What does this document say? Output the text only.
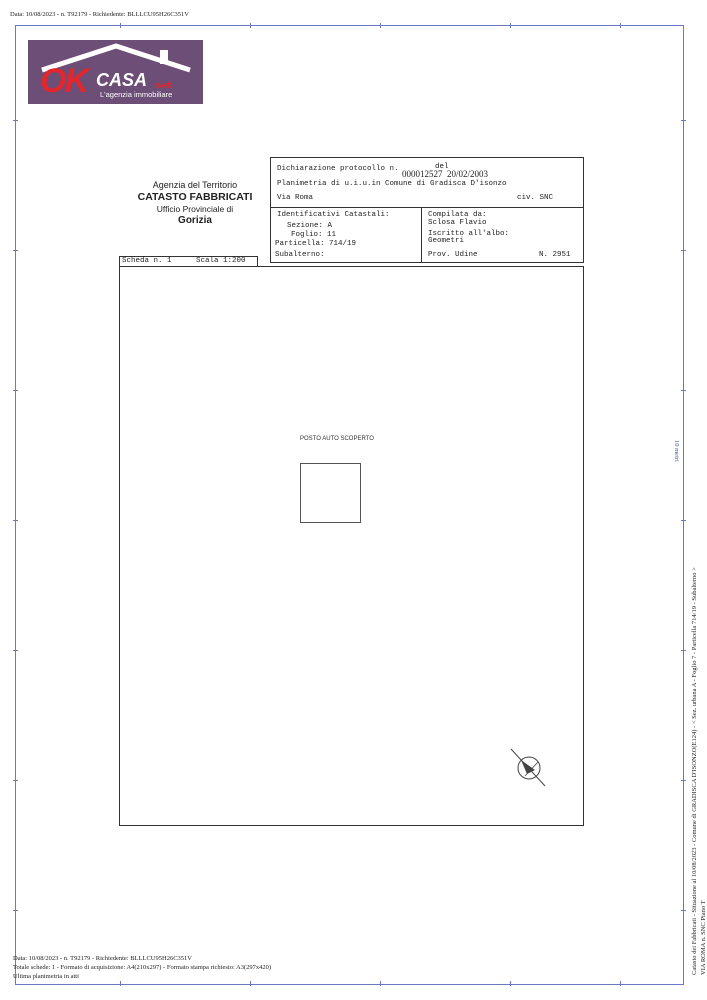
Data: 10/08/2023 - n. T92179 - Richiedente: BLLLCU95H26C351V
OK CASA web
L'agenzia immobiliare
Agenzia del Territorio
CATASTO FABBRICATI
Ufficio Provinciale di
Gorizia
Dichiarazione protocollo n. 000012527
del
20/02/2003
Planimetria di u.i.u.in Comune di Gradisca D'isonzo
Via Roma	civ. SNC
Identificativi Catastali:
Sezione: A
Foglio: 11
Particella: 714/19
Subalterno:
Compilata da:
Sclosa Flavio
Iscritto all'albo:
Geometri
Prov. Udine	N. 2951
Scheda n. 1	Scala 1:200
POSTO AUTO SCOPERTO
10 metri
Catasto dei Fabbricati - Situazione al 10/08/2023 - Comune di GRADISCA D'ISONZO(E124) - < Sez. urbana A - Foglio 7 - Particella 714/19 - Subalterno > VIA ROMA n. SNC Piano T
Data: 10/08/2023 - n. T92179 - Richiedente: BLLLCU95H26C351V
Totale schede: 1 - Formato di acquisizione: A4(210x297) - Formato stampa richiesto: A3(297x420)
Ultima planimetria in atti
